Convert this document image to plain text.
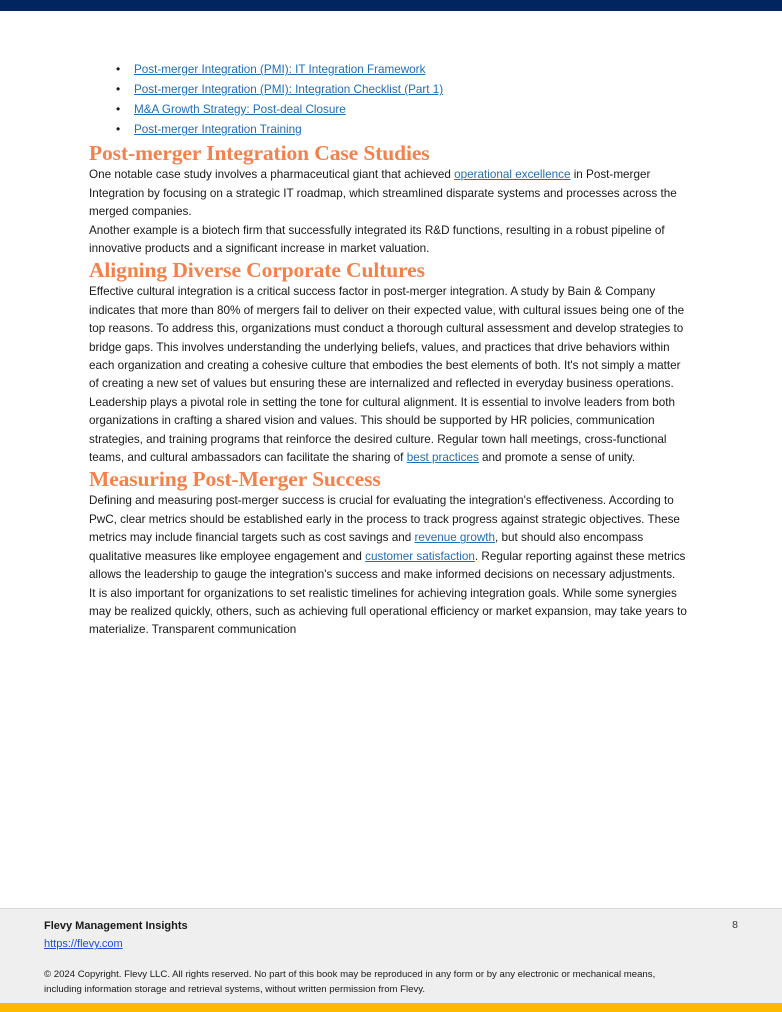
• Post-merger Integration (PMI): IT Integration Framework
• Post-merger Integration (PMI): Integration Checklist (Part 1)
• M&A Growth Strategy: Post-deal Closure
• Post-merger Integration Training
Post-merger Integration Case Studies

One notable case study involves a pharmaceutical giant that achieved operational excellence in Post-merger Integration by focusing on a strategic IT roadmap, which streamlined disparate systems and processes across the merged companies.

Another example is a biotech firm that successfully integrated its R&D functions, resulting in a robust pipeline of innovative products and a significant increase in market valuation.

Aligning Diverse Corporate Cultures

Effective cultural integration is a critical success factor in post-merger integration. A study by Bain & Company indicates that more than 80% of mergers fail to deliver on their expected value, with cultural issues being one of the top reasons. To address this, organizations must conduct a thorough cultural assessment and develop strategies to bridge gaps. This involves understanding the underlying beliefs, values, and practices that drive behaviors within each organization and creating a cohesive culture that embodies the best elements of both. It's not simply a matter of creating a new set of values but ensuring these are internalized and reflected in everyday business operations.

Leadership plays a pivotal role in setting the tone for cultural alignment. It is essential to involve leaders from both organizations in crafting a shared vision and values. This should be supported by HR policies, communication strategies, and training programs that reinforce the desired culture. Regular town hall meetings, cross-functional teams, and cultural ambassadors can facilitate the sharing of best practices and promote a sense of unity.

Measuring Post-Merger Success

Defining and measuring post-merger success is crucial for evaluating the integration's effectiveness. According to PwC, clear metrics should be established early in the process to track progress against strategic objectives. These metrics may include financial targets such as cost savings and revenue growth, but should also encompass qualitative measures like employee engagement and customer satisfaction. Regular reporting against these metrics allows the leadership to gauge the integration's success and make informed decisions on necessary adjustments.

It is also important for organizations to set realistic timelines for achieving integration goals. While some synergies may be realized quickly, others, such as achieving full operational efficiency or market expansion, may take years to materialize. Transparent communication

Flevy Management Insights
https://flevy.com
© 2024 Copyright. Flevy LLC. All rights reserved. No part of this book may be reproduced in any form or by any electronic or mechanical means, including information storage and retrieval systems, without written permission from Flevy.
8
